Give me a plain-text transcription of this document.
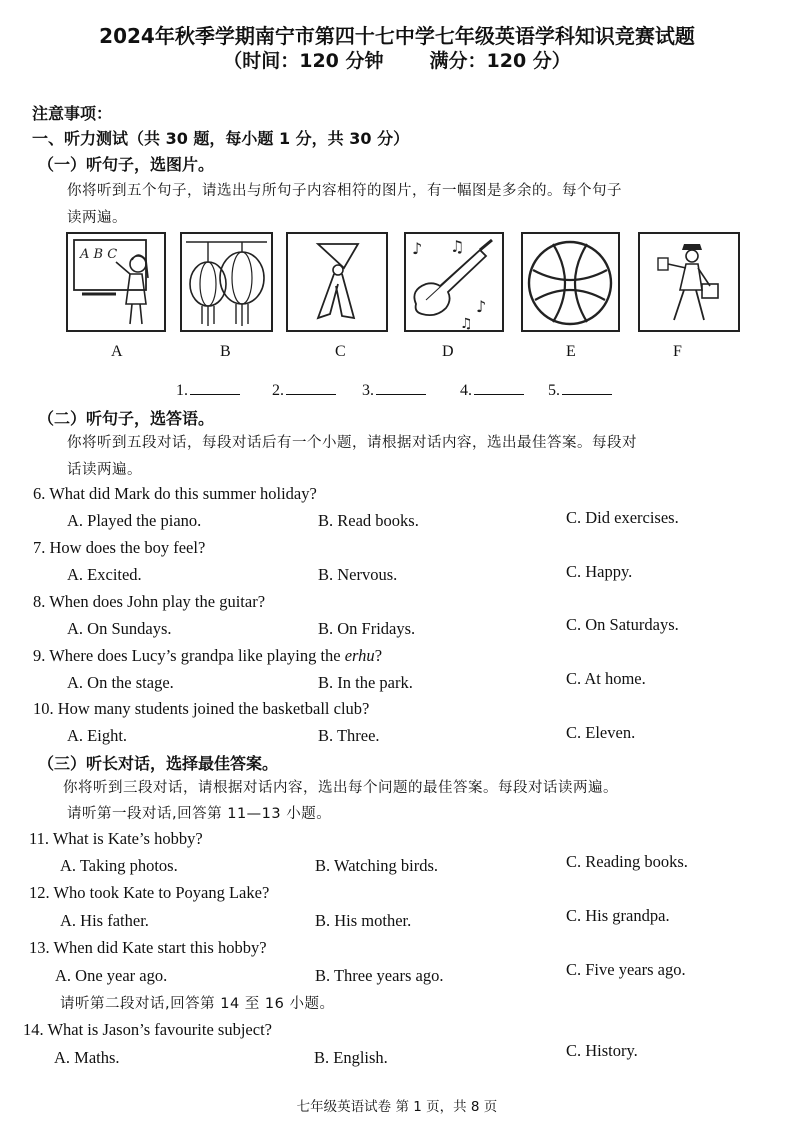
2024年秋季学期南宁市第四十七中学七年级英语学科知识竞赛试题
（时间：120 分钟 满分：120 分）
注意事项：
一、听力测试（共 30 题，每小题 1 分，共 30 分）
（一）听句子，选图片。
你将听到五个句子，请选出与所句子内容相符的图片，有一幅图是多余的。每个句子
读两遍。
A B C	♪ ♫
♪
♫
A	B	C	D	E	F
1.	2.	3.	4.	5.
（二）听句子，选答语。
你将听到五段对话，每段对话后有一个小题，请根据对话内容，选出最佳答案。每段对
话读两遍。
6. What did Mark do this summer holiday?
A. Played the piano.	B. Read books.	C. Did exercises.
7. How does the boy feel?
A. Excited.	B. Nervous.	C. Happy.
8. When does John play the guitar?
A. On Sundays.	B. On Fridays.	C. On Saturdays.
9. Where does Lucy’s grandpa like playing the erhu?
A. On the stage.	B. In the park.	C. At home.
10. How many students joined the basketball club?
A. Eight.	B. Three.	C. Eleven.
（三）听长对话，选择最佳答案。
你将听到三段对话，请根据对话内容，选出每个问题的最佳答案。每段对话读两遍。
请听第一段对话,回答第 11—13 小题。
11. What is Kate’s hobby?
A. Taking photos.	B. Watching birds.	C. Reading books.
12. Who took Kate to Poyang Lake?
A. His father.	B. His mother.	C. His grandpa.
13. When did Kate start this hobby?
A. One year ago.	B. Three years ago.	C. Five years ago.
请听第二段对话,回答第 14 至 16 小题。
14. What is Jason’s favourite subject?
A. Maths.	B. English.	C. History.
七年级英语试卷 第 1 页，共 8 页
